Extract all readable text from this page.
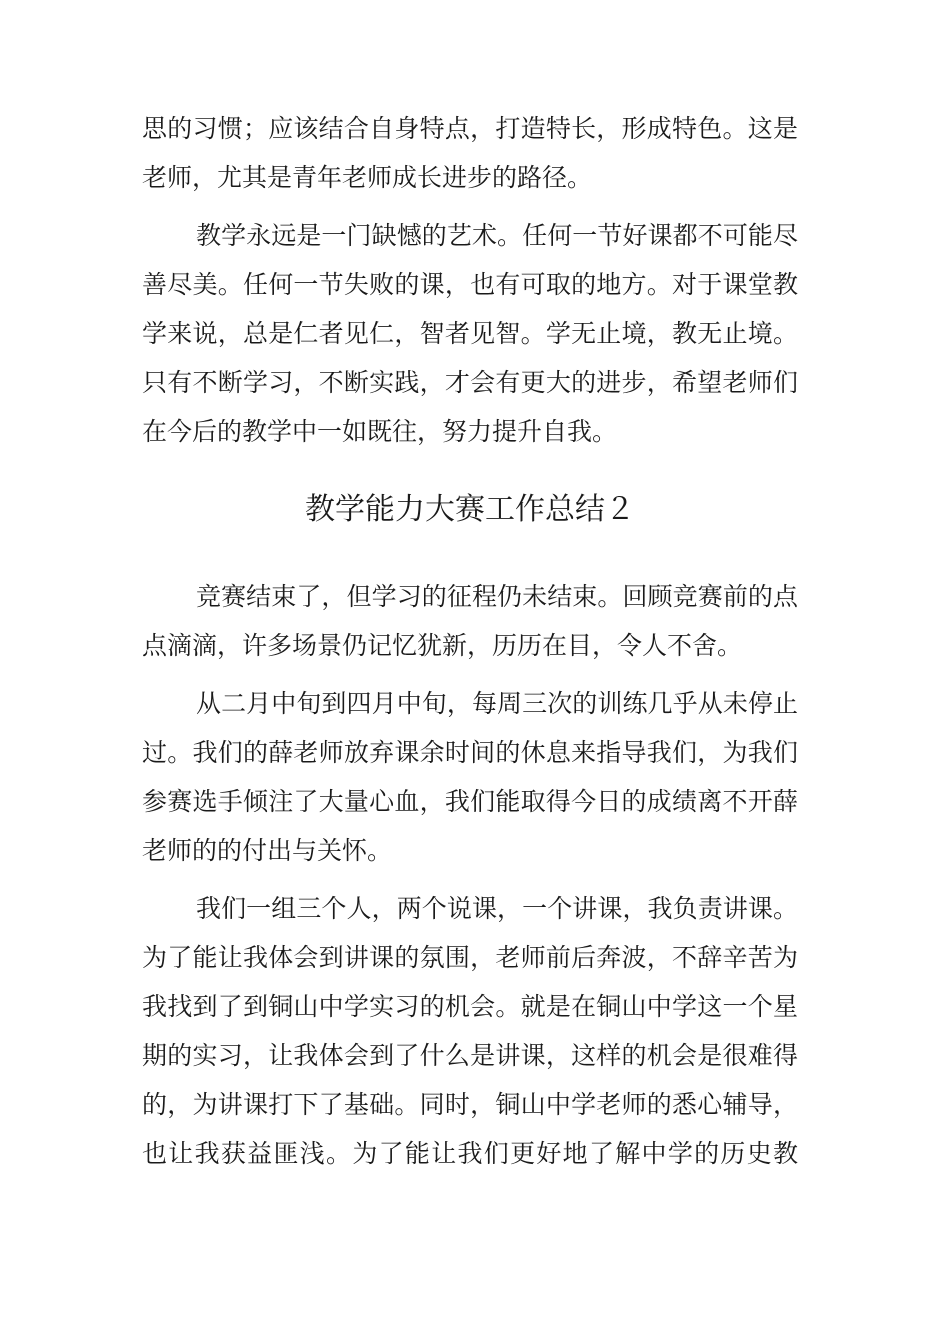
思的习惯；应该结合自身特点，打造特长，形成特色。这是
老师，尤其是青年老师成长进步的路径。
教学永远是一门缺憾的艺术。任何一节好课都不可能尽
善尽美。任何一节失败的课，也有可取的地方。对于课堂教
学来说，总是仁者见仁，智者见智。学无止境，教无止境。
只有不断学习，不断实践，才会有更大的进步，希望老师们
在今后的教学中一如既往，努力提升自我。
教学能力大赛工作总结２
竞赛结束了，但学习的征程仍未结束。回顾竞赛前的点
点滴滴，许多场景仍记忆犹新，历历在目，令人不舍。
从二月中旬到四月中旬，每周三次的训练几乎从未停止
过。我们的薛老师放弃课余时间的休息来指导我们，为我们
参赛选手倾注了大量心血，我们能取得今日的成绩离不开薛
老师的的付出与关怀。
我们一组三个人，两个说课，一个讲课，我负责讲课。
为了能让我体会到讲课的氛围，老师前后奔波，不辞辛苦为
我找到了到铜山中学实习的机会。就是在铜山中学这一个星
期的实习，让我体会到了什么是讲课，这样的机会是很难得
的，为讲课打下了基础。同时，铜山中学老师的悉心辅导，
也让我获益匪浅。为了能让我们更好地了解中学的历史教
